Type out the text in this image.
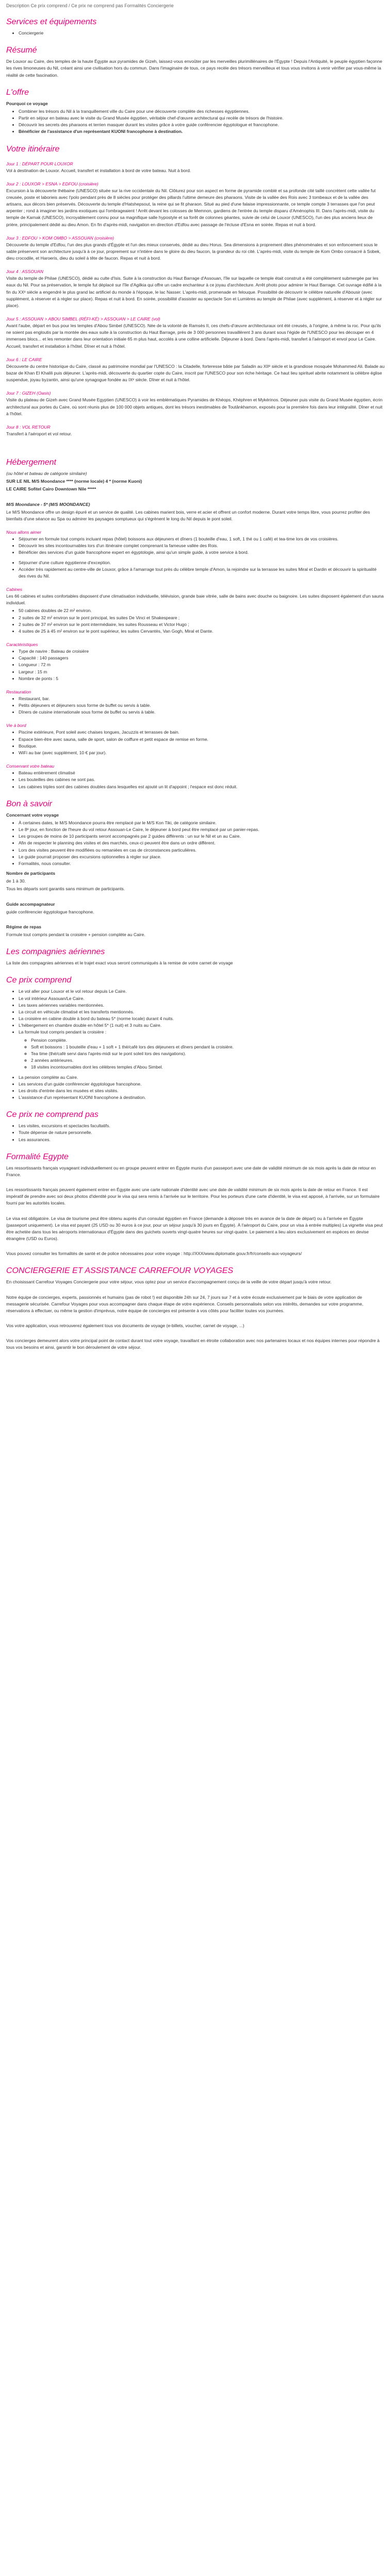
Description Ce prix comprend / Ce prix ne comprend pas Formalités Conciergerie
Services et équipements
• Conciergerie
Résumé

De Louxor au Caire, des temples de la haute Égypte aux pyramides de Gizeh, laissez-vous envoûter par les merveilles plurimillénaires de l'Égypte ! Depuis l'Antiquité, le peuple égyptien façonne les rives limoneuses du Nil, créant ainsi une civilisation hors du commun. Dans l'imaginaire de tous, ce pays recèle des trésors merveilleux et tous vous invitons à venir vérifier par vous-même la réalité de cette fascination.

L'offre

Pourquoi ce voyage

• Combiner les trésors du Nil à la tranquillement ville du Caire pour une découverte complète des richesses égyptiennes.
• Partir en séjour en bateau avec le visite du Grand Musée égyptien, véritable chef-d'œuvre architectural qui recèle de trésors de l'histoire.
• Découvrir les secrets des pharaons et terrien masquer durant les visites grâce à votre guide conférencier égyptologue et francophone.
• Bénéficier de l'assistance d'un représentant KUONI francophone à destination.
Votre itinéraire
Jour 1 : DÉPART POUR LOUXOR

Vol à destination de Louxor. Accueil, transfert et installation à bord de votre bateau. Nuit à bord.

Jour 2 : LOUXOR > ESNA > EDFOU (croisière)

Excursion à la découverte thébaine (UNESCO) située sur la rive occidentale du Nil. Clôturez pour son aspect en forme de pyramide comblé et sa profonde cité taillé concrètent cette vallée fut creusée, poste et laborieis avec l'polo pendant près de 8 siècles pour protéger des pillards l'ultime demeure des pharaons. Visite de la vallée des Rois avec 3 tombeaux et de la vallée des artisans, aux décors bien préservés. Découverte du temple d'Hatshepsout, la reine qui se fit pharaon. Situé au pied d'une falaise impressionnante, ce temple compte 3 terrasses que l'on peut arpenter ; rond à imaginer les jardins exotiques qui l'ombrageaient ! Arrêt devant les colosses de Memnon, gardiens de l'entrée du temple disparu d'Aménophis III. Dans l'après-midi, visite du temple de Karnak (UNESCO), incroyablement connu pour sa magnifique salle hypostyle et sa forêt de colonnes géantes, suivie de celui de Louxor (UNESCO), l'un des plus anciens lieux de prière, principalement dédié au dieu Amon. En fin d'après-midi, navigation en direction d'Edfou avec passage de l'écluse d'Esna en soirée. Repas et nuit à bord.

Jour 3 : EDFOU > KOM OMBO > ASSOUAN (croisière)

Découverte du temple d'Edfou, l'un des plus grands d'Égypte et l'un des mieux conservés, dédié au dieu Horus. Sea dimensions à proprement dites phénoménales et son enfoncement sous le sable préservent son architecture jusqu'à à ce jour, proprement sur n'intière dans le gloire du dieu faucon, la grandeur du roi cité. L'après-midi, visite du temple de Kom Ombo consacré à Sobek, dieu crocodile, et Haroeris, dieu du soleil à tête de faucon. Repas et nuit à bord.

Jour 4 : ASSOUAN

Visite du temple de Philae (UNESCO), dédié au culte d'Isis. Suite à la construction du Haut Barrage d'Assouan, l'île sur laquelle ce temple était construit a été complètement submergée par les eaux du Nil. Pour sa préservation, le temple fut déplacé sur l'île d'Agilkia qui offre un cadre enchanteur à ce joyau d'architecture. Arrêt photo pour admirer le Haut Barrage. Cet ouvrage édifié à la fin du XXᵉ siècle a engendré le plus grand lac artificiel du monde à l'époque, le lac Nasser. L'après-midi, promenade en felouque. Possibilité de découvrir le célèbre naturelle d'Abousir (avec supplément, à réserver et à régler sur place). Repas et nuit à bord. En soirée, possibilité d'assister au spectacle Son et Lumières au temple de Philae (avec supplément, à réserver et à régler sur place).

Jour 5 : ASSOUAN > ABOU SIMBEL (RÉFI-KÉ) > ASSOUAN > LE CAIRE (vol)

Avant l'aube, départ en bus pour les temples d'Abou Simbel (UNESCO). Née de la volonté de Ramsès II, ces chefs-d'œuvre architecturaux ont été creusés, à l'origine, à même la roc. Pour qu'ils ne soient pas engloutis par la montée des eaux suite à la construction du Haut Barrage, près de 3 000 personnes travaillèrent 3 ans durant sous l'égide de l'UNESCO pour les découper en 4 immenses blocs... et les remonter dans leur orientation initiale 65 m plus haut, accolés à une colline artificielle. Déjeuner à bord. Dans l'après-midi, transfert à l'aéroport et envol pour Le Caire. Accueil, transfert et installation à l'hôtel. Dîner et nuit à l'hôtel.

Jour 6 : LE CAIRE

Découverte du centre historique du Caire, classé au patrimoine mondial par l'UNESCO : la Citadelle, forteresse bâtie par Saladin au XIIᵉ siècle et la grandiose mosquée Mohammed Ali. Balade au bazar de Khan El Khalili puis déjeuner. L'après-midi, découverte du quartier copte du Caire, inscrit par l'UNESCO pour son riche héritage. Ce haut lieu spirituel abrite notamment la célèbre église suspendue, joyau byzantin, ainsi qu'une synagogue fondée au IXᵉ siècle. Dîner et nuit à l'hôtel.

Jour 7 : GIZEH (Oasis)

Visite du plateau de Gizeh avec Grand Musée Egyptien (UNESCO) à voir les emblématiques Pyramides de Khéops, Khéphren et Mykérinos. Déjeuner puis visite du Grand Musée égyptien, écrin architectural aux portes du Caire, où sont réunis plus de 100 000 objets antiques, dont les trésors inestimables de Toutânkhamon, exposés pour la première fois dans leur intégralité. Dîner et nuit à l'hôtel.

Jour 8 : VOL RETOUR

Transfert à l'aéroport et vol retour.

Hébergement

(ou hôtel et bateau de catégorie similaire)

SUR LE NIL M/S Moondance **** (norme locale) 4 * (norme Kuoni)

LE CAIRE Sofitel Cairo Downtown Nile *****

M/S Moondance - 5* (M/S MOONDANCE)

Le M/S Moondance offre un design épuré et un service de qualité. Les cabines marient bois, verre et acier et offrent un confort moderne. Durant votre temps libre, vous pourrez profiter des bienfaits d'une séance au Spa ou admirer les paysages somptueux qui s'égrènent le long du Nil depuis le pont soleil.

Nous allons aimer
• Séjourner en formule tout compris incluant repas (hôtel) boissons aux déjeuners et dîners (1 bouteille d'eau, 1 soft, 1 thé ou 1 café) et tea-time lors de vos croisières.
• Découvrir les sites incontournables lors d'un itinéraire complet comprenant la fameuse vallée des Rois.
• Bénéficier des services d'un guide francophone expert en égyptologie, ainsi qu'un simple guide, à votre service à bord.
• Séjourner d'une culture égyptienne d'exception.
• Accéder très rapidement au centre-ville de Louxor, grâce à l'amarrage tout près du célèbre temple d'Amon, la rejoindre sur la terrasse les suites Miral et Dardin et découvrir la spiritualité des rives du Nil.
Cabines

Les 66 cabines et suites confortables disposent d'une climatisation individuelle, télévision, grande baie vitrée, salle de bains avec douche ou baignoire. Les suites disposent également d'un sauna individuel.

• 50 cabines doubles de 22 m² environ.
• 2 suites de 32 m² environ sur le pont principal, les suites De Vinci et Shakespeare ;
• 2 suites de 37 m² environ sur le pont intermédiaire, les suites Rousseau et Victor Hugo ;
• 4 suites de 25 à 45 m² environ sur le pont supérieur, les suites Cervantès, Van Gogh, Miral et Dante.
Caractéristiques
• Type de navire : Bateau de croisière
• Capacité : 140 passagers
• Longueur : 72 m
• Largeur : 15 m
• Nombre de ponts : 5
Restauration
• Restaurant, bar.
• Petits déjeuners et déjeuners sous forme de buffet ou servis à table.
• Dîners de cuisine internationale sous forme de buffet ou servis à table.
Vie à bord
• Piscine extérieure, Pont soleil avec chaises longues, Jacuzzis et terrasses de bain.
• Espace bien-être avec sauna, salle de sport, salon de coiffure et petit espace de remise en forme.
• Boutique.
• WiFi au bar (avec supplément, 10 € par jour).
Conservant votre bateau
• Bateau entièrement climatisé
• Les bouteilles des cabines ne sont pas.
• Les cabines triples sont des cabines doubles dans lesquelles est ajouté un lit d'appoint ; l'espace est donc réduit.
Bon à savoir

Concernant votre voyage

• À certaines dates, le M/S Moondance pourra être remplacé par le M/S Kon Tiki, de catégorie similaire.
• Le 8ᵉ jour, en fonction de l'heure du vol retour Assouan-Le Caire, le déjeuner à bord peut être remplacé par un panier-repas.
• Les groupes de moins de 10 participants seront accompagnés par 2 guides différents : un sur le Nil et un au Caire.
• Afin de respecter le planning des visites et des marchés, ceux-ci peuvent être dans un ordre différent.
• Lors des visites peuvent être modifiées ou remaniées en cas de circonstances particulières.
• Le guide pourrait proposer des excursions optionnelles à régler sur place.
• Formalités, nous consulter.

Nombre de participants

de 1 à 30.

Tous les départs sont garantis sans minimum de participants.

Guide accompagnateur

guide conférencier égyptologue francophone.

Régime de repas

Formule tout compris pendant la croisière + pension complète au Caire.

Les compagnies aériennes

La liste des compagnies aériennes et le trajet exact vous seront communiqués à la remise de votre carnet de voyage

Ce prix comprend
• Le vol aller pour Louxor et le vol retour depuis Le Caire.
• Le vol intérieur Assouan/Le Caire.
• Les taxes aériennes variables mentionnées.
• La circuit en véhicule climatisé et les transferts mentionnés.
• La croisière en cabine double à bord du bateau 5* (norme locale) durant 4 nuits.
• L'hébergement en chambre double en hôtel 5* (1 nuit) et 3 nuits au Caire.
• La formule tout compris pendant la croisière :
◦ Pension complète.
◦ Soft et boissons : 1 bouteille d'eau + 1 soft + 1 thé/café lors des déjeuners et dîners pendant la croisière.
◦ Tea time (thé/café servi dans l'après-midi sur le pont soleil lors des navigations).
◦ 2 années antérieures.
◦ 18 visites incontournables dont les célèbres temples d'Abou Simbel.
• La pension complète au Caire.
• Les services d'un guide conférencier égyptologue francophone.
• Les droits d'entrée dans les musées et sites visités.
• L'assistance d'un représentant KUONI francophone à destination.
Ce prix ne comprend pas
• Les visites, excursions et spectacles facultatifs.
• Toute dépense de nature personnelle.
• Les assurances.
Formalité Egypte

Les ressortissants français voyageant individuellement ou en groupe peuvent entrer en Égypte munis d'un passeport avec une date de validité minimum de six mois après la date de retour en France.

Les ressortissants français peuvent également entrer en Égypte avec une carte nationale d'identité avec une date de validité minimum de six mois après la date de retour en France. Il est impératif de prendre avec soi deux photos d'identité pour le visa qui sera remis à l'arrivée sur le territoire. Pour les porteurs d'une carte d'identité, le visa est apposé, à l'arrivée, sur un formulaire fourni par les autorités locales.

Le visa est obligatoire. Le visa de tourisme peut être obtenu auprès d'un consulat égyptien en France (demande à déposer très en avance de la date de départ) ou à l'arrivée en Égypte (passeport uniquement). Le visa est payant (25 USD ou 30 euros à ce jour, pour un séjour jusqu'à 30 jours en Égypte). À l'aéroport du Caire, pour un visa à entrée multiples) La vignette visa peut être achetée dans tous les aéroports internationaux d'Égypte dans des guichets ouverts vingt-quatre heures sur vingt-quatre. Le paiement a lieu alors exclusivement en espèces en devise étrangère (USD ou Euros).

Vous pouvez consulter les formalités de santé et de police nécessaires pour votre voyage : http://XXX/www.diplomatie.gouv.fr/fr/conseils-aux-voyageurs/

CONCIERGERIE ET ASSISTANCE CARREFOUR VOYAGES

En choisissant Carrefour Voyages Conciergerie pour votre séjour, vous optez pour un service d'accompagnement conçu de la veille de votre départ jusqu'à votre retour.

Notre équipe de concierges, experts, passionnés et humains (pas de robot !) est disponible 24h sur 24, 7 jours sur 7 et à votre écoute exclusivement par le biais de votre application de messagerie sécurisée. Carrefour Voyages pour vous accompagner dans chaque étape de votre expérience. Conseils personnalisés selon vos intérêts, demandes sur votre programme, réservations à effectuer, ou même la gestion d'imprévus, notre équipe de concierges est présente à vos côtés pour faciliter toutes vos journées.

Vos votre application, vous retrouverez également tous vos documents de voyage (e-billets, voucher, carnet de voyage, ...)

Vos concierges demeurent alors votre principal point de contact durant tout votre voyage, travaillant en étroite collaboration avec nos partenaires locaux et nos équipes internes pour répondre à tous vos besoins et ainsi, garantir le bon déroulement de votre séjour.
